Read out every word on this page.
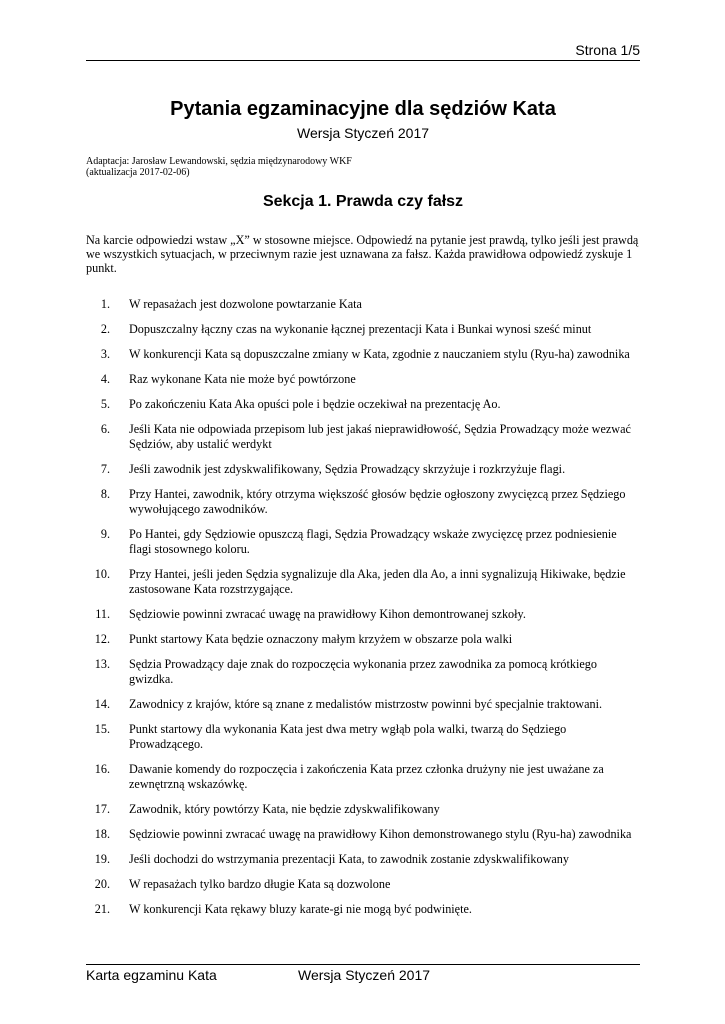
Strona 1/5
Pytania egzaminacyjne dla sędziów Kata
Wersja Styczeń 2017
Adaptacja: Jarosław Lewandowski, sędzia międzynarodowy WKF
(aktualizacja 2017-02-06)
Sekcja 1. Prawda czy fałsz
Na karcie odpowiedzi wstaw „X” w stosowne miejsce. Odpowiedź na pytanie jest prawdą, tylko jeśli jest prawdą we wszystkich sytuacjach, w przeciwnym razie jest uznawana za fałsz. Każda prawidłowa odpowiedź zyskuje 1 punkt.
1. W repasażach jest dozwolone powtarzanie Kata
2. Dopuszczalny łączny czas na wykonanie łącznej prezentacji Kata i Bunkai wynosi sześć minut
3. W konkurencji Kata są dopuszczalne zmiany w Kata, zgodnie z nauczaniem stylu (Ryu-ha) zawodnika
4. Raz wykonane Kata nie może być powtórzone
5. Po zakończeniu Kata Aka opuści pole i będzie oczekiwał na prezentację Ao.
6. Jeśli Kata nie odpowiada przepisom lub jest jakaś nieprawidłowość, Sędzia Prowadzący może wezwać Sędziów, aby ustalić werdykt
7. Jeśli zawodnik jest zdyskwalifikowany, Sędzia Prowadzący skrzyżuje i rozkrzyżuje flagi.
8. Przy Hantei, zawodnik, który otrzyma większość głosów będzie ogłoszony zwycięzcą przez Sędziego wywołującego zawodników.
9. Po Hantei, gdy Sędziowie opuszczą flagi, Sędzia Prowadzący wskaże zwycięzcę przez podniesienie flagi stosownego koloru.
10. Przy Hantei, jeśli jeden Sędzia sygnalizuje dla Aka, jeden dla Ao, a inni sygnalizują Hikiwake, będzie zastosowane Kata rozstrzygające.
11. Sędziowie powinni zwracać uwagę na prawidłowy Kihon demontrowanej szkoły.
12. Punkt startowy Kata będzie oznaczony małym krzyżem w obszarze pola walki
13. Sędzia Prowadzący daje znak do rozpoczęcia wykonania przez zawodnika za pomocą krótkiego gwizdka.
14. Zawodnicy z krajów, które są znane z medalistów mistrzostw powinni być specjalnie traktowani.
15. Punkt startowy dla wykonania Kata jest dwa metry wgłąb pola walki, twarzą do Sędziego Prowadzącego.
16. Dawanie komendy do rozpoczęcia i zakończenia Kata przez członka drużyny nie jest uważane za zewnętrzną wskazówkę.
17. Zawodnik, który powtórzy Kata, nie będzie zdyskwalifikowany
18. Sędziowie powinni zwracać uwagę na prawidłowy Kihon demonstrowanego stylu (Ryu-ha) zawodnika
19. Jeśli dochodzi do wstrzymania prezentacji Kata, to zawodnik zostanie zdyskwalifikowany
20. W repasażach tylko bardzo długie Kata są dozwolone
21. W konkurencji Kata rękawy bluzy karate-gi nie mogą być podwinięte.
Karta egzaminu Kata	Wersja Styczeń 2017
